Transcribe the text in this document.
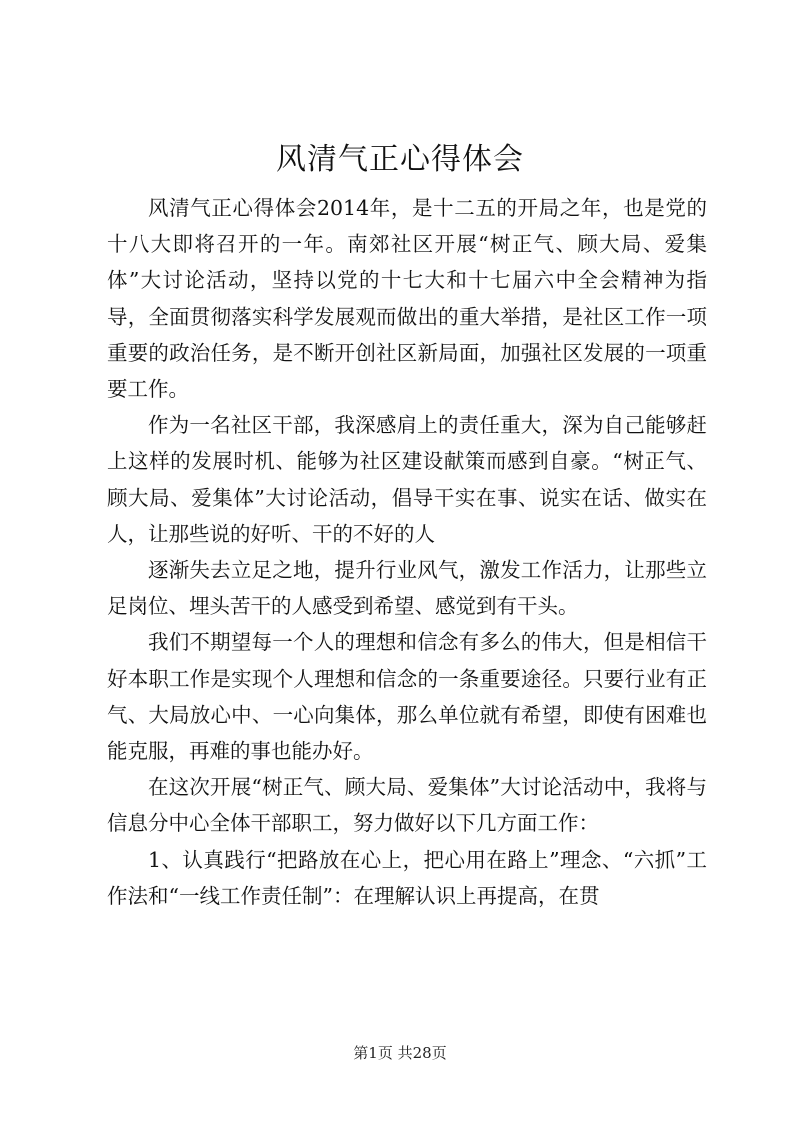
风清气正心得体会

风清气正心得体会2014年，是十二五的开局之年，也是党的十八大即将召开的一年。南郊社区开展“树正气、顾大局、爱集体”大讨论活动，坚持以党的十七大和十七届六中全会精神为指导，全面贯彻落实科学发展观而做出的重大举措，是社区工作一项重要的政治任务，是不断开创社区新局面，加强社区发展的一项重要工作。

作为一名社区干部，我深感肩上的责任重大，深为自己能够赶上这样的发展时机、能够为社区建设献策而感到自豪。“树正气、顾大局、爱集体”大讨论活动，倡导干实在事、说实在话、做实在人，让那些说的好听、干的不好的人

逐渐失去立足之地，提升行业风气，激发工作活力，让那些立足岗位、埋头苦干的人感受到希望、感觉到有干头。

我们不期望每一个人的理想和信念有多么的伟大，但是相信干好本职工作是实现个人理想和信念的一条重要途径。只要行业有正气、大局放心中、一心向集体，那么单位就有希望，即使有困难也能克服，再难的事也能办好。

在这次开展“树正气、顾大局、爱集体”大讨论活动中，我将与信息分中心全体干部职工，努力做好以下几方面工作：

1、认真践行“把路放在心上，把心用在路上”理念、“六抓”工作法和“一线工作责任制”：在理解认识上再提高，在贯

第1页 共28页
